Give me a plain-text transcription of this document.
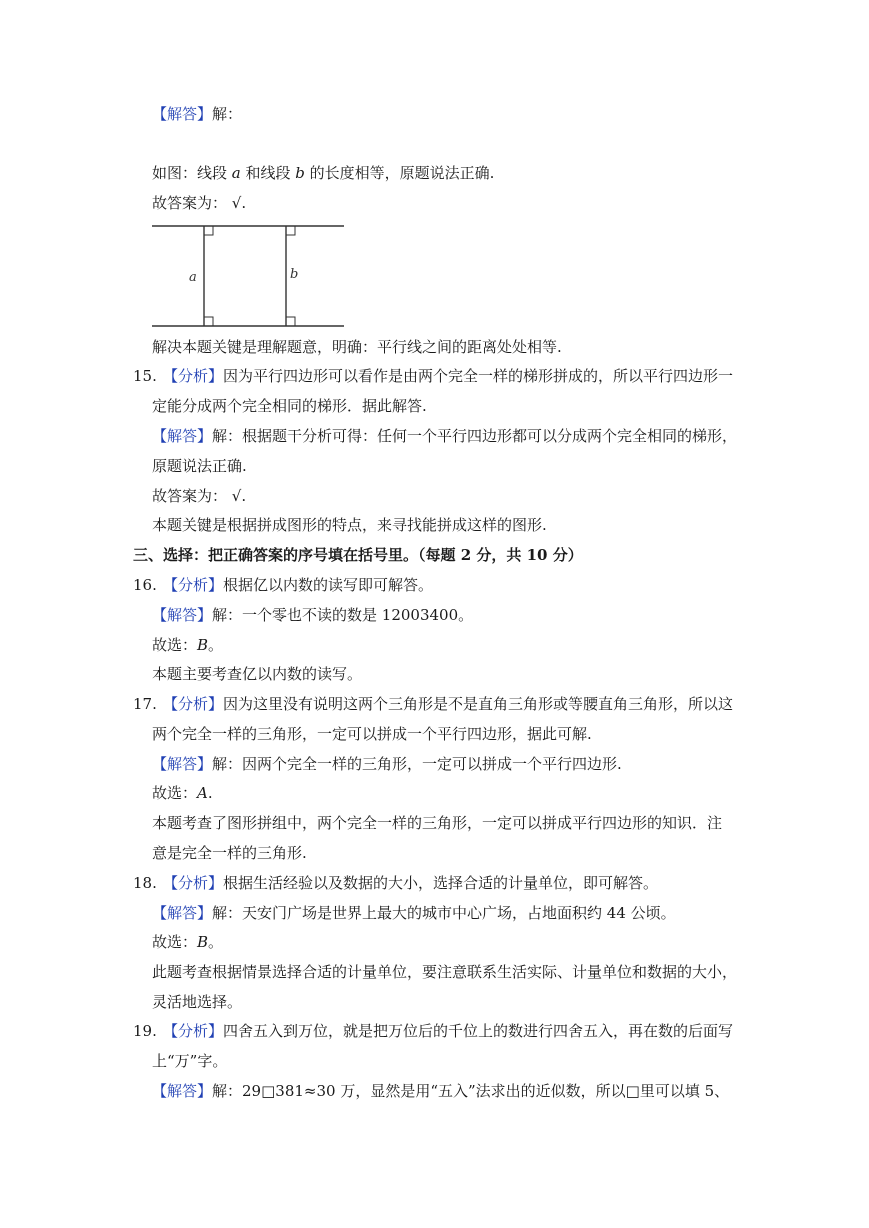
【解答】解：
如图：线段 a 和线段 b 的长度相等，原题说法正确.
故答案为： √.
a	b
解决本题关键是理解题意，明确：平行线之间的距离处处相等.
15. 【分析】因为平行四边形可以看作是由两个完全一样的梯形拼成的，所以平行四边形一
定能分成两个完全相同的梯形．据此解答.
【解答】解：根据题干分析可得：任何一个平行四边形都可以分成两个完全相同的梯形，
原题说法正确.
故答案为： √.
本题关键是根据拼成图形的特点，来寻找能拼成这样的图形.
三、选择：把正确答案的序号填在括号里。（每题 2 分，共 10 分）
16. 【分析】根据亿以内数的读写即可解答。
【解答】解：一个零也不读的数是 12003400。
故选：B。
本题主要考查亿以内数的读写。
17. 【分析】因为这里没有说明这两个三角形是不是直角三角形或等腰直角三角形，所以这
两个完全一样的三角形，一定可以拼成一个平行四边形，据此可解.
【解答】解：因两个完全一样的三角形，一定可以拼成一个平行四边形.
故选：A.
本题考查了图形拼组中，两个完全一样的三角形，一定可以拼成平行四边形的知识．注
意是完全一样的三角形.
18. 【分析】根据生活经验以及数据的大小，选择合适的计量单位，即可解答。
【解答】解：天安门广场是世界上最大的城市中心广场，占地面积约 44 公顷。
故选：B。
此题考查根据情景选择合适的计量单位，要注意联系生活实际、计量单位和数据的大小，
灵活地选择。
19. 【分析】四舍五入到万位，就是把万位后的千位上的数进行四舍五入，再在数的后面写
上“万”字。
【解答】解：29□381≈30 万，显然是用“五入”法求出的近似数，所以□里可以填 5、
